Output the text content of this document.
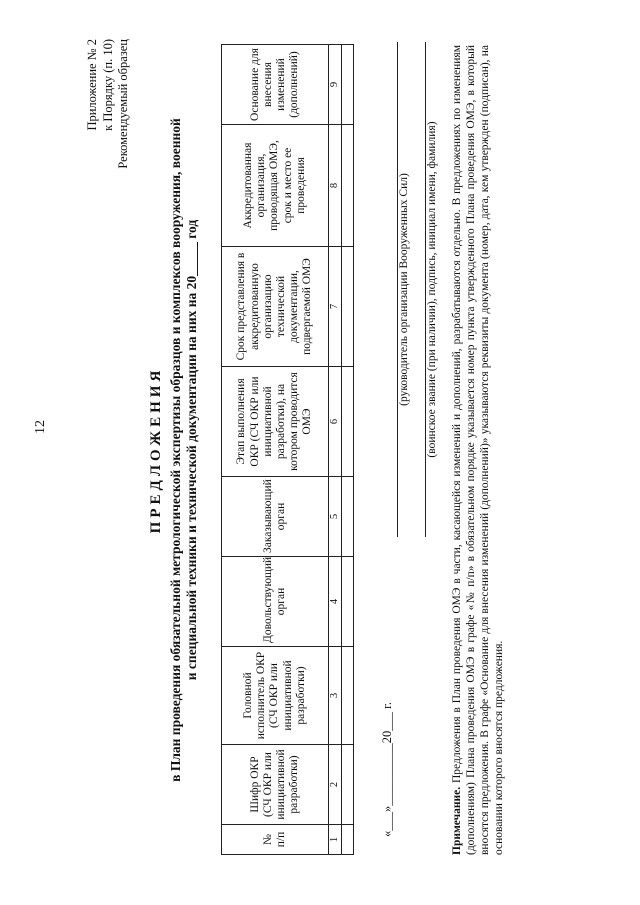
12
Приложение № 2 к Порядку (п. 10) Рекомендуемый образец
ПРЕДЛОЖЕНИЯ в План проведения обязательной метрологической экспертизы образцов и комплексов вооружения, военной и специальной техники и технической документации на них на 20_____ год
№ п/п	Шифр ОКР (СЧ ОКР или инициативной разработки)	Головной исполнитель ОКР (СЧ ОКР или инициативной разработки)	Довольствующий орган	Заказывающий орган	Этап выполнения ОКР (СЧ ОКР или инициативной разработки), на котором проводится ОМЭ	Срок представления в аккредитованную организацию технической документации, подвергаемой ОМЭ	Аккредитованная организация, проводящая ОМЭ, срок и место ее проведения	Основание для внесения изменений (дополнений)
1	2	3	4	5	6	7	8	9

«___»__________20___ г.
(руководитель организации Вооруженных Сил) (воинское звание (при наличии), подпись, инициал имени, фамилия)
Примечание. Предложения в План проведения ОМЭ в части, касающейся изменений и дополнений, разрабатываются отдельно. В предложениях по изменениям (дополнениям) Плана проведения ОМЭ в графе «№ п/п» в обязательном порядке указывается номер пункта утвержденного Плана проведения ОМЭ, в который вносятся предложения. В графе «Основание для внесения изменений (дополнений)» указываются реквизиты документа (номер, дата, кем утвержден (подписан), на основании которого вносятся предложения.
